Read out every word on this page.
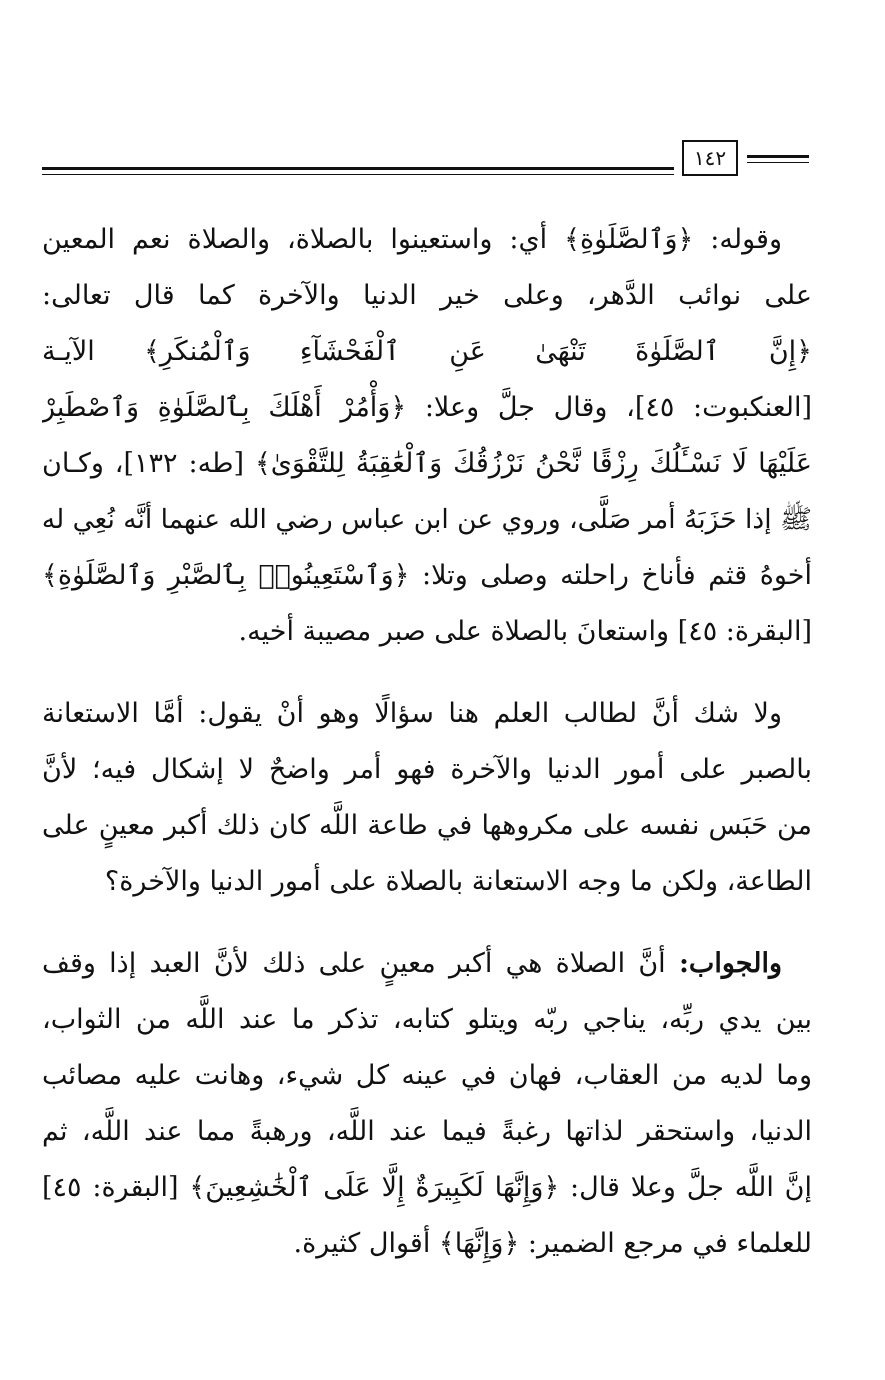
١٤٢

وقوله: ﴿وَٱلصَّلَوٰةِ﴾ أي: واستعينوا بالصلاة، والصلاة نعم المعين
على نوائب الدَّهر، وعلى خير الدنيا والآخرة كما قال تعالى:
﴿إِنَّ ٱلصَّلَوٰةَ تَنْهَىٰ عَنِ ٱلْفَحْشَآءِ وَٱلْمُنكَرِ﴾ الآيـة
[العنكبوت: ٤٥]، وقال جلَّ وعلا: ﴿وَأْمُرْ أَهْلَكَ بِٱلصَّلَوٰةِ وَٱصْطَبِرْ
عَلَيْهَا لَا نَسْـَٔلُكَ رِزْقًا نَّحْنُ نَرْزُقُكَ وَٱلْعَٰقِبَةُ لِلتَّقْوَىٰ﴾ [طه: ١٣٢]، وكـان
ﷺ إذا حَزَبَهُ أمر صَلَّى، وروي عن ابن عباس رضي الله عنهما أنَّه نُعِي له
أخوهُ قثم فأناخ راحلته وصلى وتلا: ﴿وَٱسْتَعِينُوا۟ بِٱلصَّبْرِ وَٱلصَّلَوٰةِ﴾
[البقرة: ٤٥] واستعانَ بالصلاة على صبر مصيبة أخيه.

ولا شك أنَّ لطالب العلم هنا سؤالًا وهو أنْ يقول: أمَّا الاستعانة
بالصبر على أمور الدنيا والآخرة فهو أمر واضحٌ لا إشكال فيه؛ لأنَّ
من حَبَس نفسه على مكروهها في طاعة اللَّه كان ذلك أكبر معينٍ على
الطاعة، ولكن ما وجه الاستعانة بالصلاة على أمور الدنيا والآخرة؟

والجواب: أنَّ الصلاة هي أكبر معينٍ على ذلك لأنَّ العبد إذا وقف
بين يدي ربِّه، يناجي ربّه ويتلو كتابه، تذكر ما عند اللَّه من الثواب،
وما لديه من العقاب، فهان في عينه كل شيء، وهانت عليه مصائب
الدنيا، واستحقر لذاتها رغبةً فيما عند اللَّه، ورهبةً مما عند اللَّه، ثم
إنَّ اللَّه جلَّ وعلا قال: ﴿وَإِنَّهَا لَكَبِيرَةٌ إِلَّا عَلَى ٱلْخَٰشِعِينَ﴾ [البقرة: ٤٥]
للعلماء في مرجع الضمير: ﴿وَإِنَّهَا﴾ أقوال كثيرة.
